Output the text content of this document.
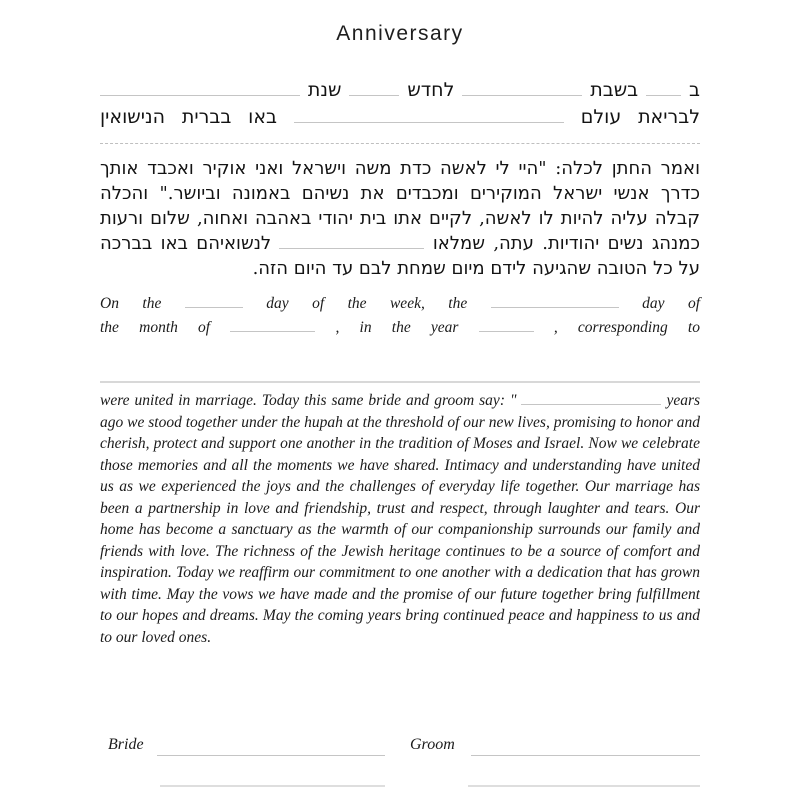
Anniversary
ב  בשבת  לחדש  שנת
לבריאת עולם  באו בברית הנישואין
ואמר החתן לכלה: "היי לי לאשה כדת משה וישראל ואני אוקיר ואכבד אותך כדרך אנשי ישראל המוקירים ומכבדים את נשיהם באמונה וביושר." והכלה קבלה עליה להיות לו לאשה, לקיים אתו בית יהודי באהבה ואחוה, שלום ורעות כמנהג נשים יהודיות. עתה, שמלאו  לנשואיהם באו בברכה על כל הטובה שהגיעה לידם מיום שמחת לבם עד היום הזה.
On the	day of the week, the	day of
the month of	, in the year	, corresponding to
were united in marriage. Today this same bride and groom say: "	years ago we stood together under the hupah at the threshold of our new lives, promising to honor and cherish, protect and support one another in the tradition of Moses and Israel. Now we celebrate those memories and all the moments we have shared. Intimacy and understanding have united us as we experienced the joys and the challenges of everyday life together. Our marriage has been a partnership in love and friendship, trust and respect, through laughter and tears. Our home has become a sanctuary as the warmth of our companionship surrounds our family and friends with love. The richness of the Jewish heritage continues to be a source of comfort and inspiration. Today we reaffirm our commitment to one another with a dedication that has grown with time. May the vows we have made and the promise of our future together bring fulfillment to our hopes and dreams. May the coming years bring continued peace and happiness to us and to our loved ones.
Bride	Groom
